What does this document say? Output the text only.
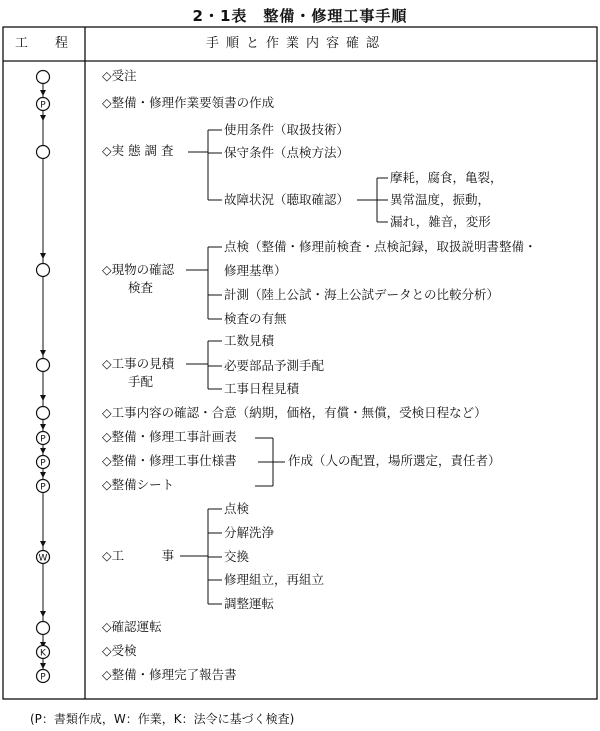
2・1表　整備・修理工事手順
P
P
P
P
W
K
P
工　程	手順と作業内容確認
◇受注
◇整備・修理作業要領書の作成
◇実 態 調 査
◇現物の確認
検査
◇工事の見積
手配
◇工事内容の確認・合意（納期，価格，有償・無償，受検日程など）
◇整備・修理工事計画表
◇整備・修理工事仕様書
◇整備シート
◇工　　　事
◇確認運転
◇受検
◇整備・修理完了報告書
使用条件（取扱技術）
保守条件（点検方法）
故障状況（聴取確認）
摩耗，腐食，亀裂，
異常温度，振動，
漏れ，雑音，変形
点検（整備・修理前検査・点検記録，取扱説明書整備・
修理基準）
計測（陸上公試・海上公試データとの比較分析）
検査の有無
工数見積
必要部品予測手配
工事日程見積
作成（人の配置，場所選定，責任者）
点検
分解洗浄
交換
修理組立，再組立
調整運転
(P：書類作成，W：作業，K：法令に基づく検査)
